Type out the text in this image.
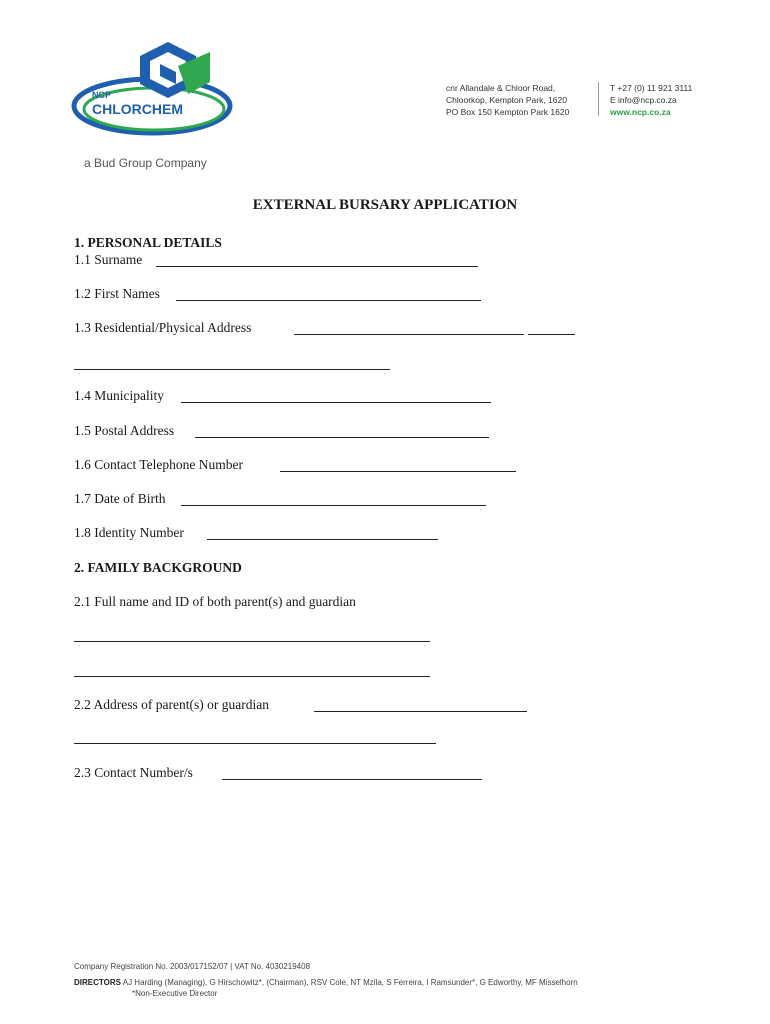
NCP
CHLORCHEM
a Bud Group Company
cnr Allandale & Chloor Road,
Chloorkop, Kempton Park, 1620
PO Box 150 Kempton Park 1620
T +27 (0) 11 921 3111
E info@ncp.co.za
www.ncp.co.za
EXTERNAL BURSARY APPLICATION
1. PERSONAL DETAILS
1.1 Surname
1.2 First Names
1.3 Residential/Physical Address
1.4 Municipality
1.5 Postal Address
1.6 Contact Telephone Number
1.7 Date of Birth
1.8 Identity Number
2. FAMILY BACKGROUND
2.1 Full name and ID of both parent(s) and guardian
2.2 Address of parent(s) or guardian
2.3 Contact Number/s
Company Registration No. 2003/017152/07 | VAT No. 4030219408
DIRECTORS AJ Harding (Managing), G Hirschowitz*, (Chairman), RSV Cole, NT Mzila, S Ferreira, I Ramsunder*, G Edworthy, MF Misselhorn
*Non-Executive Director
